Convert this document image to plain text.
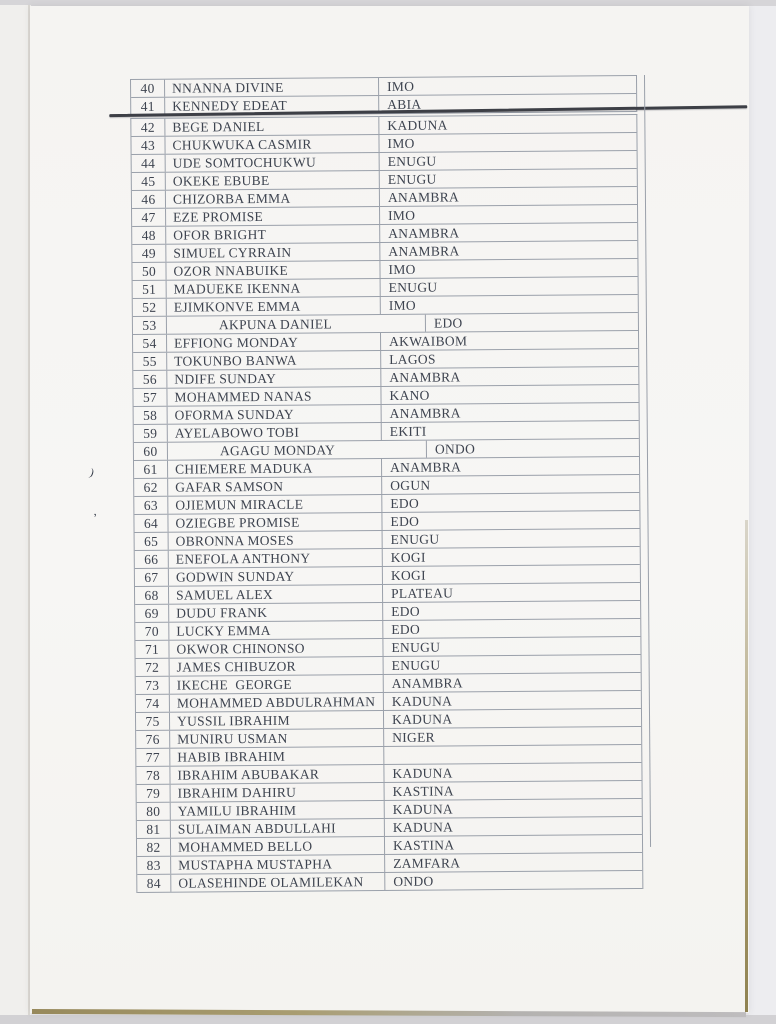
)
,
40	NNANNA DIVINE	IMO
41	KENNEDY EDEAT	ABIA
42	BEGE DANIEL	KADUNA
43	CHUKWUKA CASMIR	IMO
44	UDE SOMTOCHUKWU	ENUGU
45	OKEKE EBUBE	ENUGU
46	CHIZORBA EMMA	ANAMBRA
47	EZE PROMISE	IMO
48	OFOR BRIGHT	ANAMBRA
49	SIMUEL CYRRAIN	ANAMBRA
50	OZOR NNABUIKE	IMO
51	MADUEKE IKENNA	ENUGU
52	EJIMKONVE EMMA	IMO
53	AKPUNA DANIEL	EDO
54	EFFIONG MONDAY	AKWAIBOM
55	TOKUNBO BANWA	LAGOS
56	NDIFE SUNDAY	ANAMBRA
57	MOHAMMED NANAS	KANO
58	OFORMA SUNDAY	ANAMBRA
59	AYELABOWO TOBI	EKITI
60	AGAGU MONDAY	ONDO
61	CHIEMERE MADUKA	ANAMBRA
62	GAFAR SAMSON	OGUN
63	OJIEMUN MIRACLE	EDO
64	OZIEGBE PROMISE	EDO
65	OBRONNA MOSES	ENUGU
66	ENEFOLA ANTHONY	KOGI
67	GODWIN SUNDAY	KOGI
68	SAMUEL ALEX	PLATEAU
69	DUDU FRANK	EDO
70	LUCKY EMMA	EDO
71	OKWOR CHINONSO	ENUGU
72	JAMES CHIBUZOR	ENUGU
73	IKECHE  GEORGE	ANAMBRA
74	MOHAMMED ABDULRAHMAN	KADUNA
75	YUSSIL IBRAHIM	KADUNA
76	MUNIRU USMAN	NIGER
77	HABIB IBRAHIM
78	IBRAHIM ABUBAKAR	KADUNA
79	IBRAHIM DAHIRU	KASTINA
80	YAMILU IBRAHIM	KADUNA
81	SULAIMAN ABDULLAHI	KADUNA
82	MOHAMMED BELLO	KASTINA
83	MUSTAPHA MUSTAPHA	ZAMFARA
84	OLASEHINDE OLAMILEKAN	ONDO
